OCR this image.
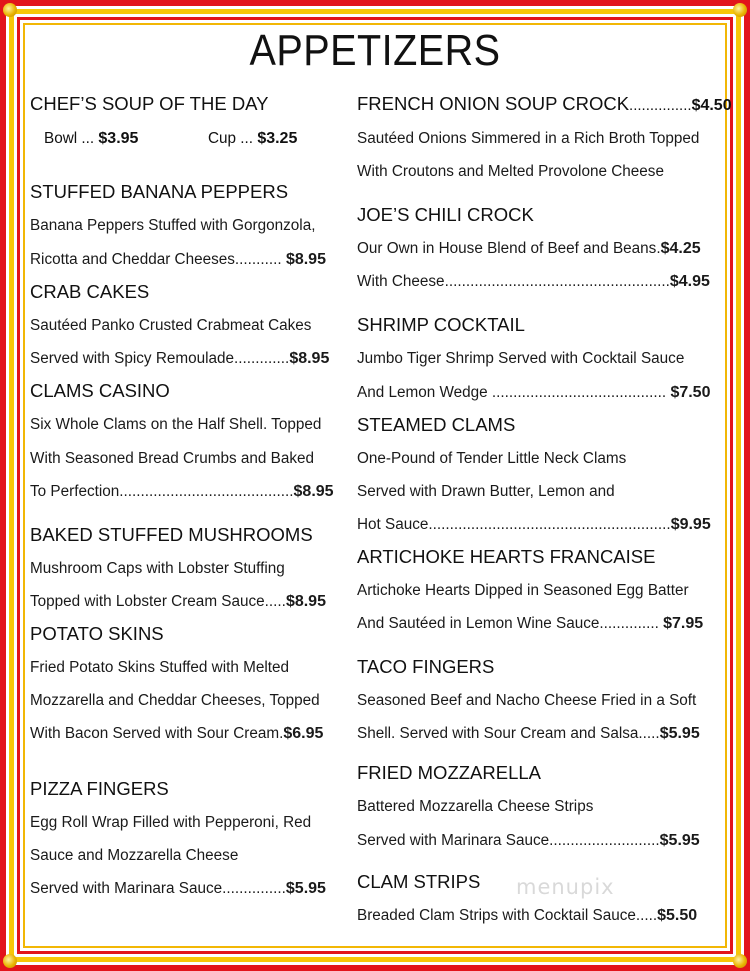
APPETIZERS
CHEF’S SOUP OF THE DAY
Bowl ... $3.95	Cup ... $3.25
STUFFED BANANA PEPPERS
Banana Peppers Stuffed with Gorgonzola,
Ricotta and Cheddar Cheeses........... $8.95
CRAB CAKES
Sautéed Panko Crusted Crabmeat Cakes
Served with Spicy Remoulade.............$8.95
CLAMS CASINO
Six Whole Clams on the Half Shell. Topped
With Seasoned Bread Crumbs and Baked
To Perfection.........................................$8.95
BAKED STUFFED MUSHROOMS
Mushroom Caps with Lobster Stuffing
Topped with Lobster Cream Sauce.....$8.95
POTATO SKINS
Fried Potato Skins Stuffed with Melted
Mozzarella and Cheddar Cheeses, Topped
With Bacon Served with Sour Cream.$6.95
PIZZA FINGERS
Egg Roll Wrap Filled with Pepperoni, Red
Sauce and Mozzarella Cheese
Served with Marinara Sauce...............$5.95
FRENCH ONION SOUP CROCK...............$4.50
Sautéed Onions Simmered in a Rich Broth Topped
With Croutons and Melted Provolone Cheese
JOE’S CHILI CROCK
Our Own in House Blend of Beef and Beans.$4.25
With Cheese.....................................................$4.95
SHRIMP COCKTAIL
Jumbo Tiger Shrimp Served with Cocktail Sauce
And Lemon Wedge ......................................... $7.50
STEAMED CLAMS
One-Pound of Tender Little Neck Clams
Served with Drawn Butter, Lemon and
Hot Sauce.........................................................$9.95
ARTICHOKE HEARTS FRANCAISE
Artichoke Hearts Dipped in Seasoned Egg Batter
And Sautéed in Lemon Wine Sauce.............. $7.95
TACO FINGERS
Seasoned Beef and Nacho Cheese Fried in a Soft
Shell. Served with Sour Cream and Salsa.....$5.95
FRIED MOZZARELLA
Battered Mozzarella Cheese Strips
Served with Marinara Sauce..........................$5.95
menupix
CLAM STRIPS
Breaded Clam Strips with Cocktail Sauce.....$5.50
